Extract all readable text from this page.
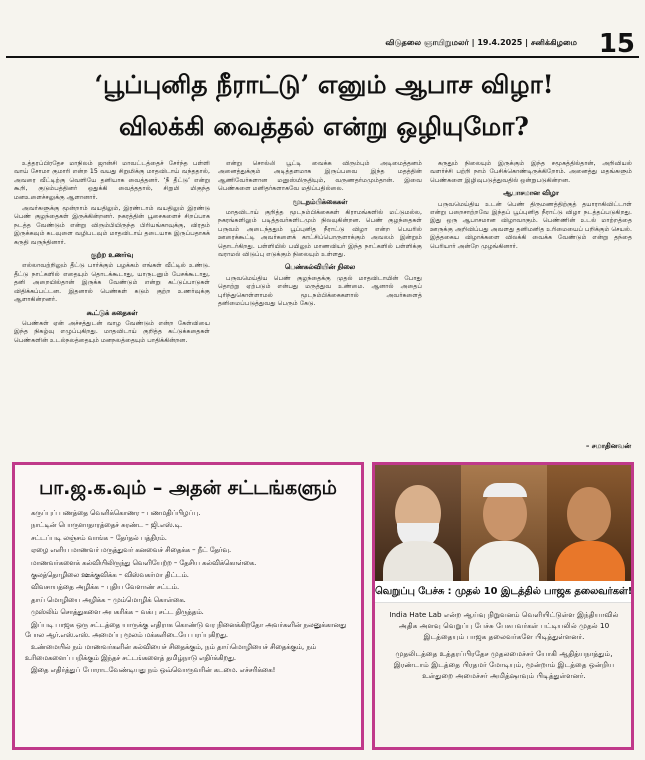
விடுதலை ஞாயிறுமலர் | 19.4.2025 | சனிக்கிழமை 15
‘பூப்புனித நீராட்டு’ எனும் ஆபாச விழா!
விலக்கி வைத்தல் என்று ஒழியுமோ?

உத்தரப்பிரதேச மாநிலம் ஜான்சி மாவட்டத்தைச் சேர்ந்த பள்ளி வாய் சோமா குமாரி என்ற 15 வயது சிறுமிக்கு மாதவிடாய் வந்ததால், அவரை வீட்டிற்கு வெளியே தனியாக வைத்தனர். ‘நீ தீட்டு’ என்று கூறி, குடும்பத்தினர் ஒதுக்கி வைத்ததால், சிறுமி மிகுந்த மனஉளைச்சலுக்கு ஆளானார்.

அவர்களுக்கு மூன்றாம் வயதிலும், இரண்டாம் வயதிலும் இரண்டு பெண் குழந்தைகள் இருக்கின்றனர். நகரத்தின் பூசைகளைச் சிறப்பாக நடத்த வேண்டும் என்று விரும்பியிருந்த பிரியங்காவுக்கு, விரதம் இருக்கவும் கடவுளை வழிபடவும் மாதவிடாய் தடையாக இருப்பதாகக் கருதி வருந்தினார்.

குற்ற உணர்வு

எல்லாவற்றிலும் தீட்டு பார்க்கும் பழக்கம் எங்கள் வீட்டில் உண்டு. தீட்டு நாட்களில் எதையும் தொடக்கூடாது, யாருடனும் பேசக்கூடாது, தனி அறையில்தான் இருக்க வேண்டும் என்று கட்டுப்பாடுகள் விதிக்கப்பட்டன. இதனால் பெண்கள் கடும் குற்ற உணர்வுக்கு ஆளாகின்றனர்.

கூட்டுக் கதைகள்

பெண்கள் ஏன் அச்சத்துடன் வாழ வேண்டும் என்ற கேள்வியை இந்த நிகழ்வு எழுப்புகிறது. மாதவிடாய் குறித்த கட்டுக்கதைகள் பெண்களின் உடல்நலத்தையும் மனநலத்தையும் பாதிக்கின்றன.

என்று சொல்லி பூட்டி வைக்க விரும்பும் அடிமைத்தனம் அனைத்துக்கும் அடித்தளமாக இருப்பவை இந்த மதத்தின் ஆணிவேர்களான மனுஸ்மிருதியும், வருணதர்மமும்தான். இவை பெண்களை மனிதர்களாகவே மதிப்பதில்லை.

மூடநம்பிக்கைகள்

மாதவிடாய் குறித்த மூடநம்பிக்கைகள் கிராமங்களில் மட்டுமல்ல, நகரங்களிலும் படித்தவர்களிடமும் நிலவுகின்றன. பெண் குழந்தைகள் பருவம் அடைந்ததும் பூப்புனித நீராட்டு விழா என்ற பெயரில் ஊரைக்கூட்டி அவர்களைக் காட்சிப்பொருளாக்கும் அவலம் இன்றும் தொடர்கிறது. பள்ளியில் பயிலும் மாணவியர் இந்த நாட்களில் பள்ளிக்கு வராமல் விடுப்பு எடுக்கும் நிலையும் உள்ளது.

பெண்கல்வியின் நிலை

பருவமெய்திய பெண் குழந்தைக்கு முதல் மாதவிடாயின் போது தொற்று ஏற்படும் என்பது மருத்துவ உண்மை. ஆனால் அதைப் புரிந்துகொள்ளாமல் மூடநம்பிக்கைகளால் அவர்களைத் தனிமைப்படுத்துவது பெரும் கேடு.

கருதும் நிலையும் இருக்கும் இந்த சமூகத்தில்தான், அறிவியல் வளர்ச்சி பற்றி நாம் பேசிக்கொண்டிருக்கிறோம். அனைத்து மதங்களும் பெண்களை இழிவுபடுத்துவதில் ஒன்றுபடுகின்றன.

ஆபாசமான விழா

பருவமெய்திய உடன் பெண் திருமணத்திற்குத் தயாராகிவிட்டாள் என்று பறைசாற்றவே இந்தப் பூப்புனித நீராட்டு விழா நடத்தப்படுகிறது. இது ஒரு ஆபாசமான விழாவாகும். பெண்ணின் உடல் மாற்றத்தை ஊருக்கு அறிவிப்பது அவளது தனிமனித உரிமையைப் பறிக்கும் செயல். இத்தகைய விழாக்களை விலக்கி வைக்க வேண்டும் என்று தந்தை பெரியார் அன்றே முழங்கினார்.

– சமாதினவன்
பா.ஜ.க.வும் – அதன் சட்டங்களும்

கருப்புப் பணத்தை வெளிக்கொணர – பணமதிப்பிழப்பு.

நாட்டின் பொருளாதாரத்தைச் சுரண்ட – ஜி.எஸ்.டி.

சட்டப்படி லஞ்சம் வாங்க – தேர்தல் பத்திரம்.

ஏழை எளிய மாணவர் மருத்துவர் கனவைச் சிதைக்க – நீட் தேர்வு.

மாணவர்களைக் கல்வியிலிருந்து வெளியேற்ற – தேசிய கல்விக்கொள்கை.

குலத்தொழிலை ஊக்குவிக்க – விஸ்வகர்மா திட்டம்.

விவசாயத்தை அழிக்க – புதிய வேளாண் சட்டம்.

தாய் மொழியை அழிக்க – மும்மொழிக் கொள்கை.

முஸ்லிம் சொத்துகளை அபகரிக்க – வக்பு சட்ட திருத்தம்.

இப்படி பாஜக ஒரு சட்டத்தை யாருக்கு எதிராக கொண்டு வர நினைக்கிறதோ அவர்களின் நலனுக்கானது போல ஆர்.எஸ்.எஸ். அமைப்பு மூலம் மக்களிடையே பரப்புகிறது.

உண்மையில் நம் மாணவர்களின் கல்வியைச் சிதைக்கும், நம் தாய்மொழியைச் சிதைக்கும், நம் உரிமைகளைப் பறிக்கும் இந்தச் சட்டங்களைத் தமிழ்நாடு எதிர்க்கிறது.

இதை எதிர்த்துப் போராடவேண்டியது நம் ஒவ்வொருவரின் கடமை. எச்சரிக்கை!

வெறுப்பு பேச்சு : முதல் 10 இடத்தில் பாஜக தலைவர்கள்!

India Hate Lab என்ற ஆய்வு நிறுவனம் வெளியிட்டுள்ள இந்தியாவில் அதிக அளவு வெறுப்பு பேச்சு பேசுபவர்கள் பட்டியலில் முதல் 10 இடத்தையும் பாஜக தலைவர்களே பிடித்துள்ளனர்.

முதலிடத்தை உத்தரப்பிரதேச முதலமைச்சர் யோகி ஆதித்யநாத்தும், இரண்டாம் இடத்தை பிரதமர் மோடியும், மூன்றாம் இடத்தை ஒன்றிய உள்துறை அமைச்சர் அமித்ஷாவும் பிடித்துள்ளனர்.
